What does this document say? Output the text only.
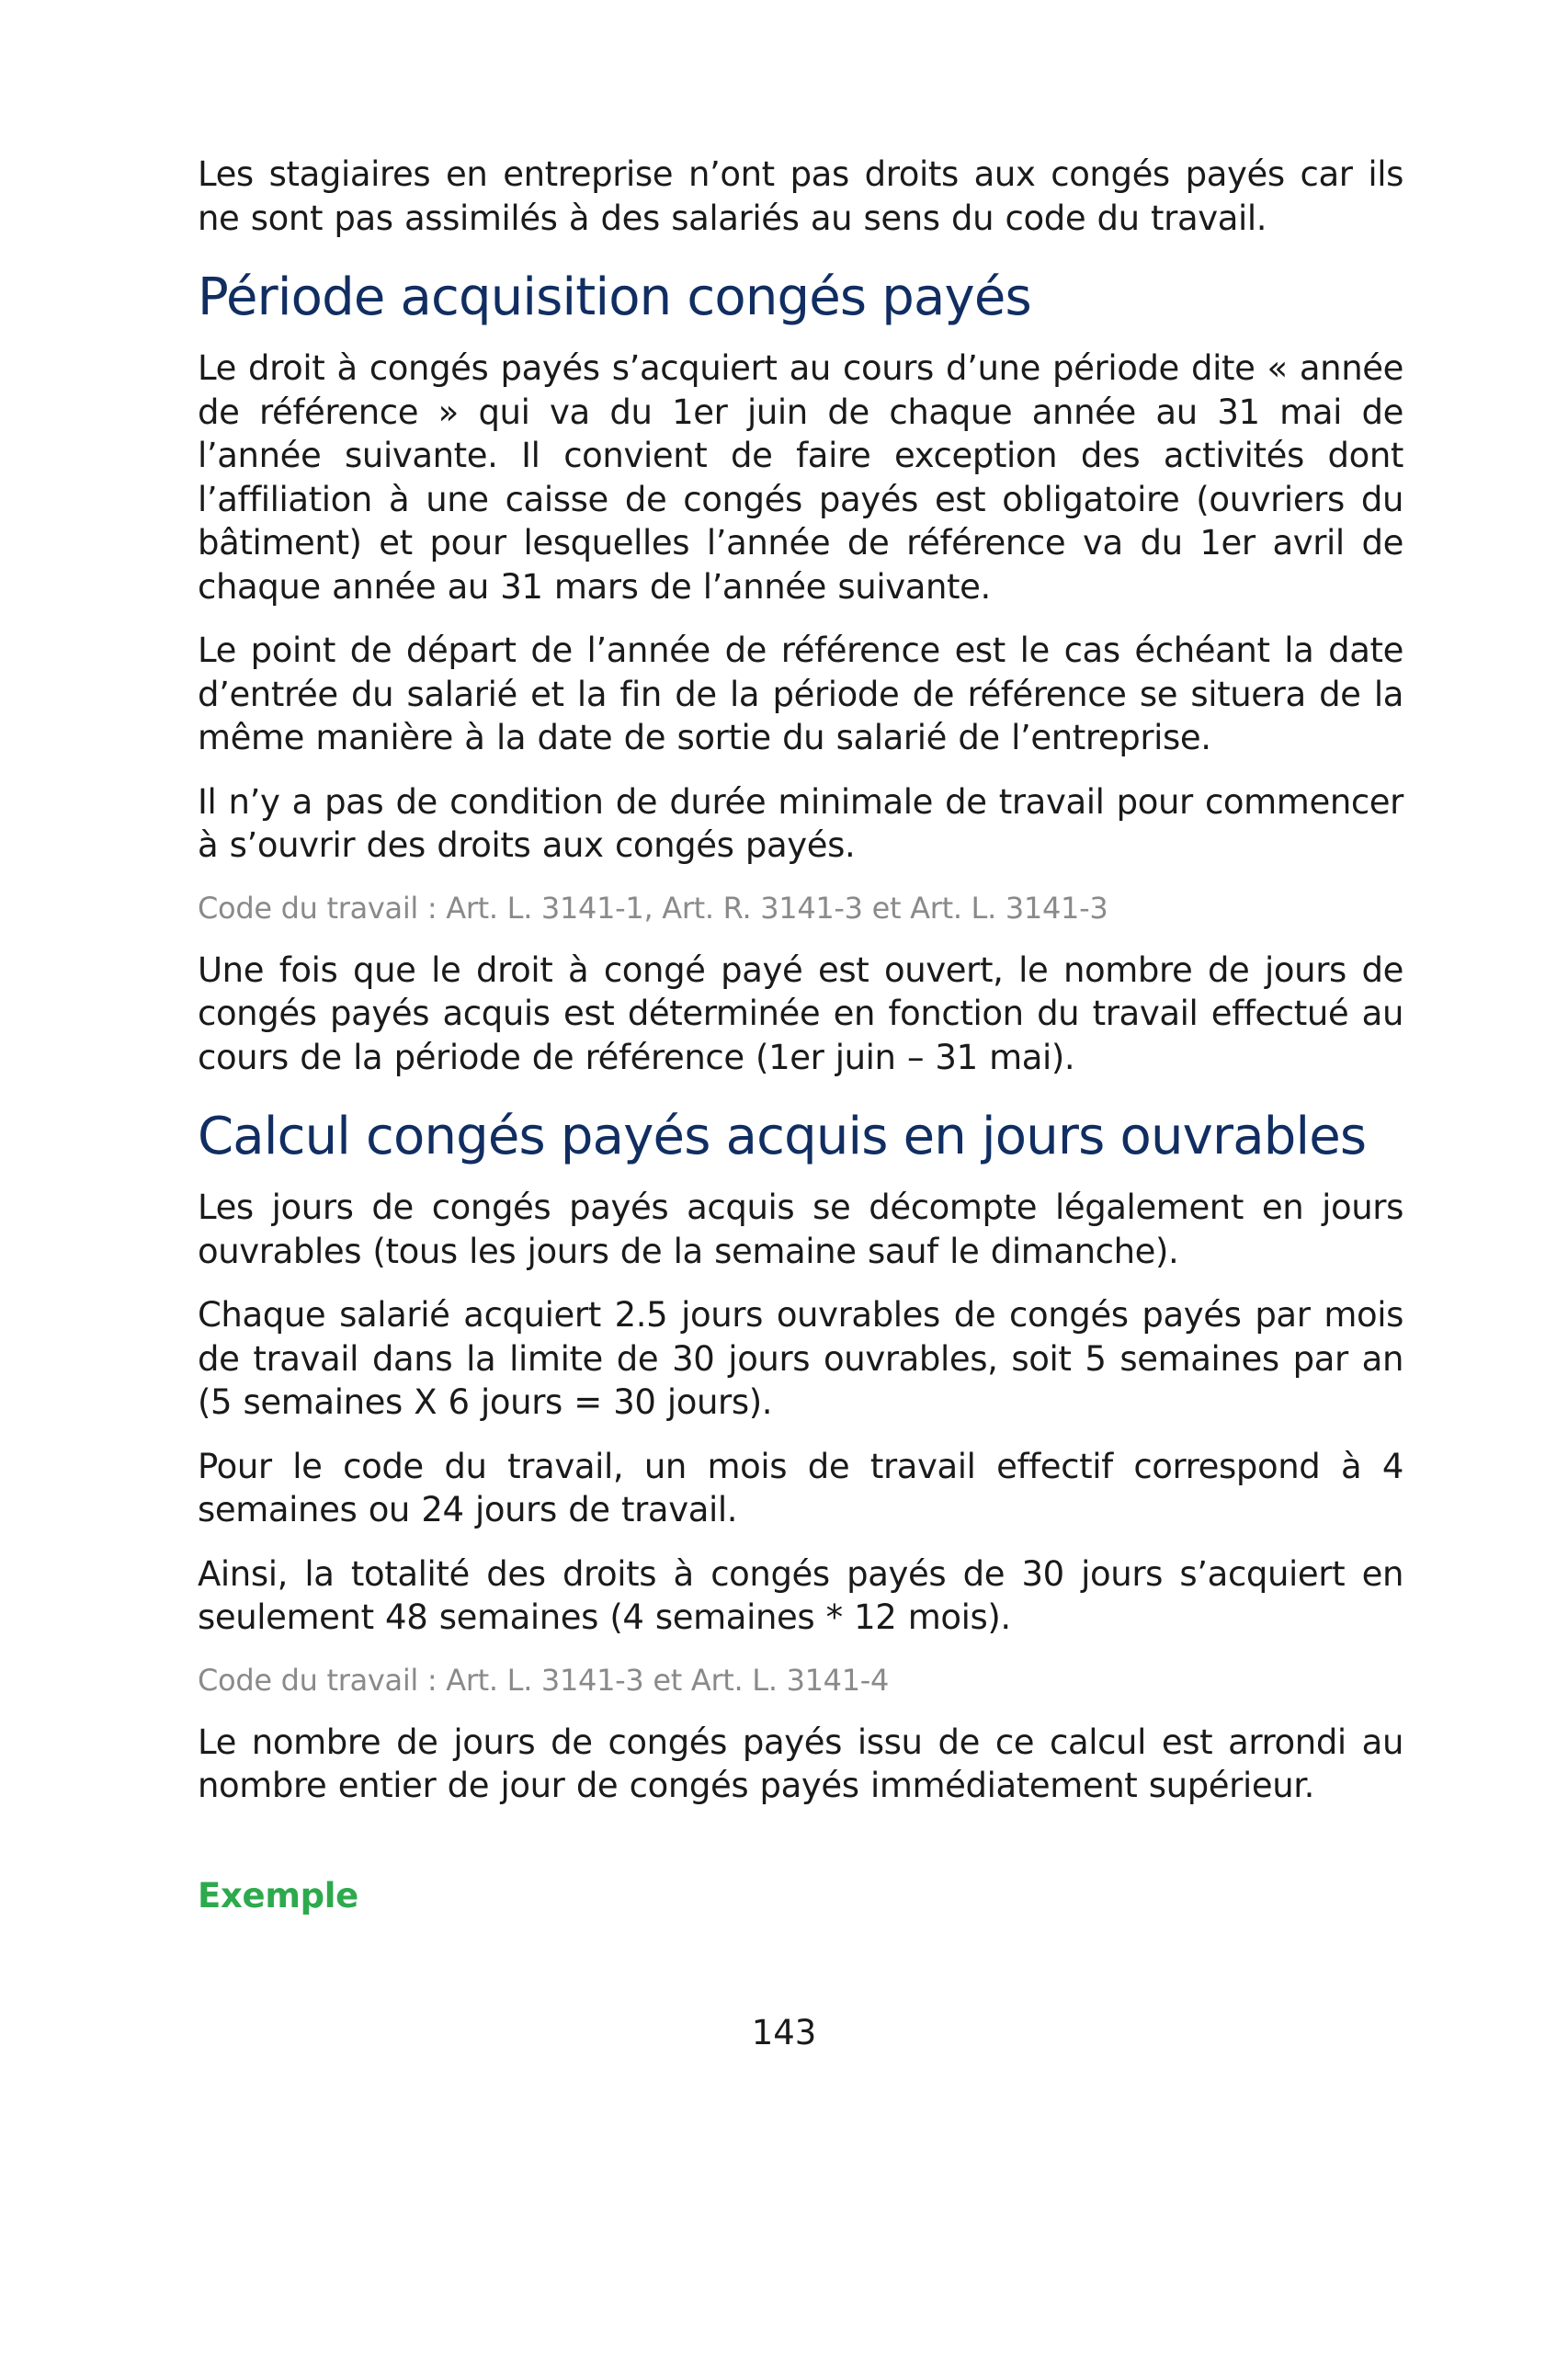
Les stagiaires en entreprise n’ont pas droits aux congés payés car ils ne sont pas assimilés à des salariés au sens du code du travail.

Période acquisition congés payés

Le droit à congés payés s’acquiert au cours d’une période dite « année de référence » qui va du 1er juin de chaque année au 31 mai de l’année suivante. Il convient de faire exception des activités dont l’affiliation à une caisse de congés payés est obligatoire (ouvriers du bâtiment) et pour lesquelles l’année de référence va du 1er avril de chaque année au 31 mars de l’année suivante.

Le point de départ de l’année de référence est le cas échéant la date d’entrée du salarié et la fin de la période de référence se situera de la même manière à la date de sortie du salarié de l’entreprise.

Il n’y a pas de condition de durée minimale de travail pour commencer à s’ouvrir des droits aux congés payés.

Code du travail : Art. L. 3141-1, Art. R. 3141-3 et Art. L. 3141-3

Une fois que le droit à congé payé est ouvert, le nombre de jours de congés payés acquis est déterminée en fonction du travail effectué au cours de la période de référence (1er juin – 31 mai).

Calcul congés payés acquis en jours ouvrables

Les jours de congés payés acquis se décompte légalement en jours ouvrables (tous les jours de la semaine sauf le dimanche).

Chaque salarié acquiert 2.5 jours ouvrables de congés payés par mois de travail dans la limite de 30 jours ouvrables, soit 5 semaines par an (5 semaines X 6 jours = 30 jours).

Pour le code du travail, un mois de travail effectif correspond à 4 semaines ou 24 jours de travail.

Ainsi, la totalité des droits à congés payés de 30 jours s’acquiert en seulement 48 semaines (4 semaines * 12 mois).

Code du travail : Art. L. 3141-3 et Art. L. 3141-4

Le nombre de jours de congés payés issu de ce calcul est arrondi au nombre entier de jour de congés payés immédiatement supérieur.

Exemple

143
